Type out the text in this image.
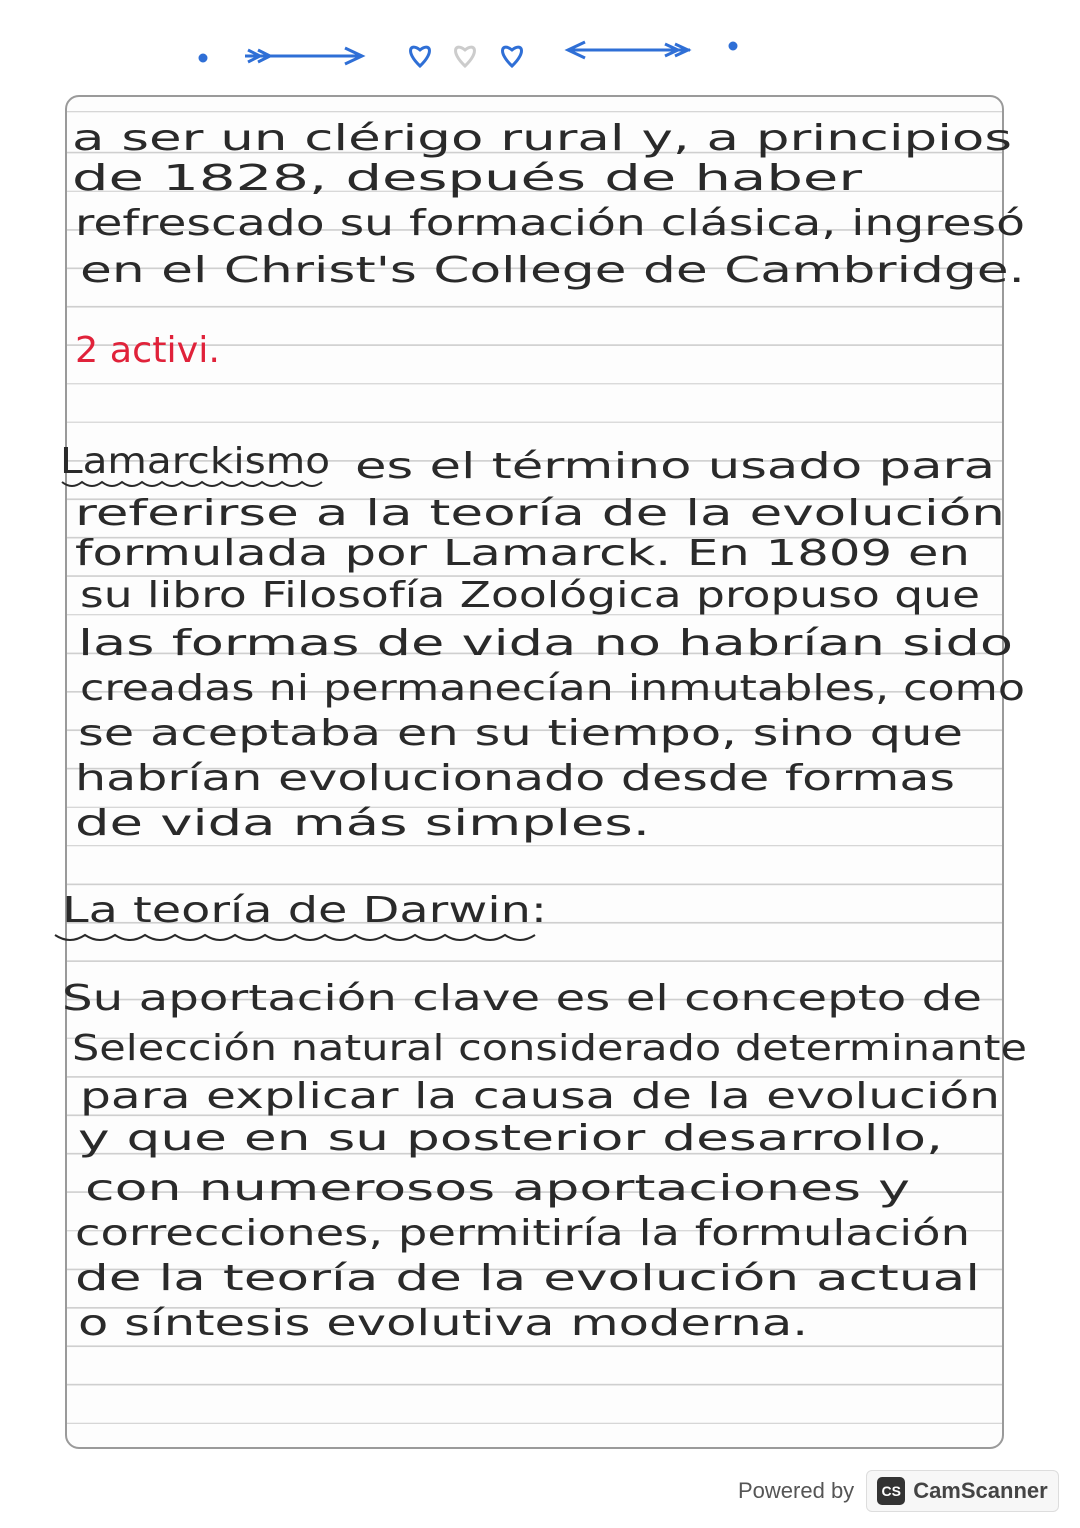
a ser un clérigo rural y, a principios
de 1828, después de haber
refrescado su formación clásica, ingresó
en el Christ's College de Cambridge.
2 activi.
Lamarckismo es el término usado para
referirse a la teoría de la evolución
formulada por Lamarck. En 1809 en
su libro Filosofía Zoológica propuso que
las formas de vida no habrían sido
creadas ni permanecían inmutables, como
se aceptaba en su tiempo, sino que
habrían evolucionado desde formas
de vida más simples.
La teoría de Darwin:
Su aportación clave es el concepto de
Selección natural considerado determinante
para explicar la causa de la evolución
y que en su posterior desarrollo,
con numerosos aportaciones y
correcciones, permitiría la formulación
de la teoría de la evolución actual
o síntesis evolutiva moderna.
Powered by	CS CamScanner
